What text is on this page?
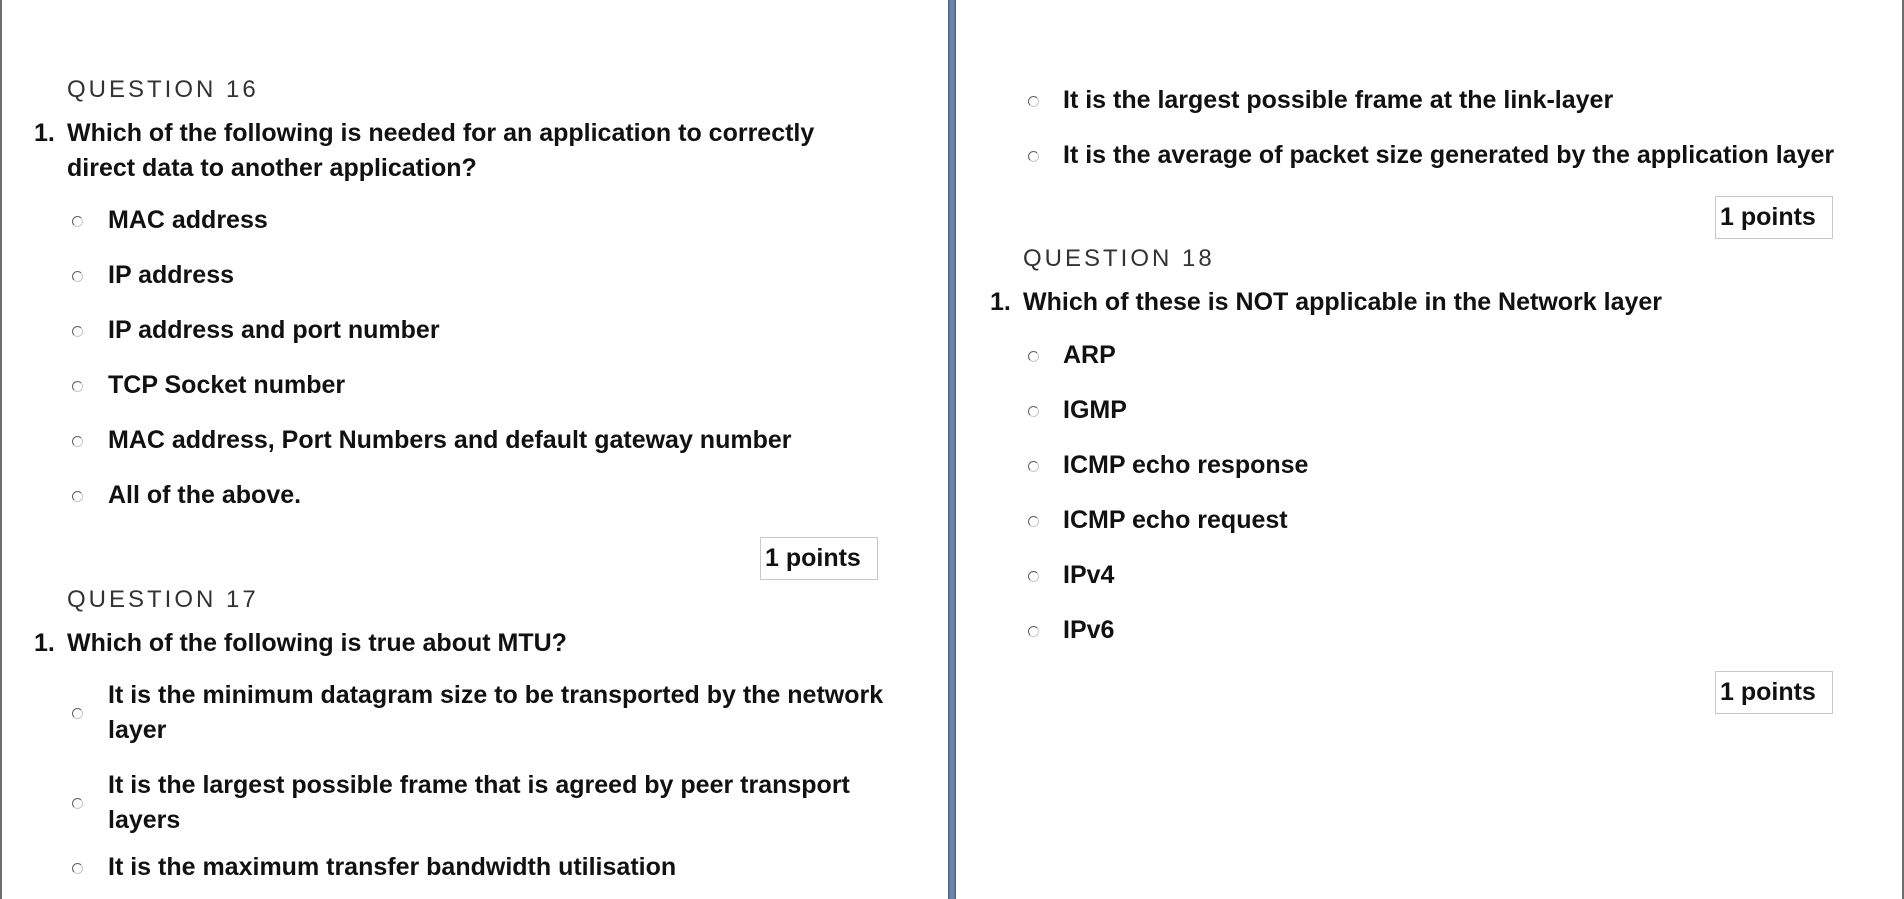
QUESTION 16
1. Which of the following is needed for an application to correctly direct data to another application?
MAC address
IP address
IP address and port number
TCP Socket number
MAC address, Port Numbers and default gateway number
All of the above.
1 points
QUESTION 17
1. Which of the following is true about MTU?
It is the minimum datagram size to be transported by the network layer
It is the largest possible frame that is agreed by peer transport layers
It is the maximum transfer bandwidth utilisation
It is the largest possible frame at the link-layer
It is the average of packet size generated by the application layer
1 points
QUESTION 18
1. Which of these is NOT applicable in the Network layer
ARP
IGMP
ICMP echo response
ICMP echo request
IPv4
IPv6
1 points
